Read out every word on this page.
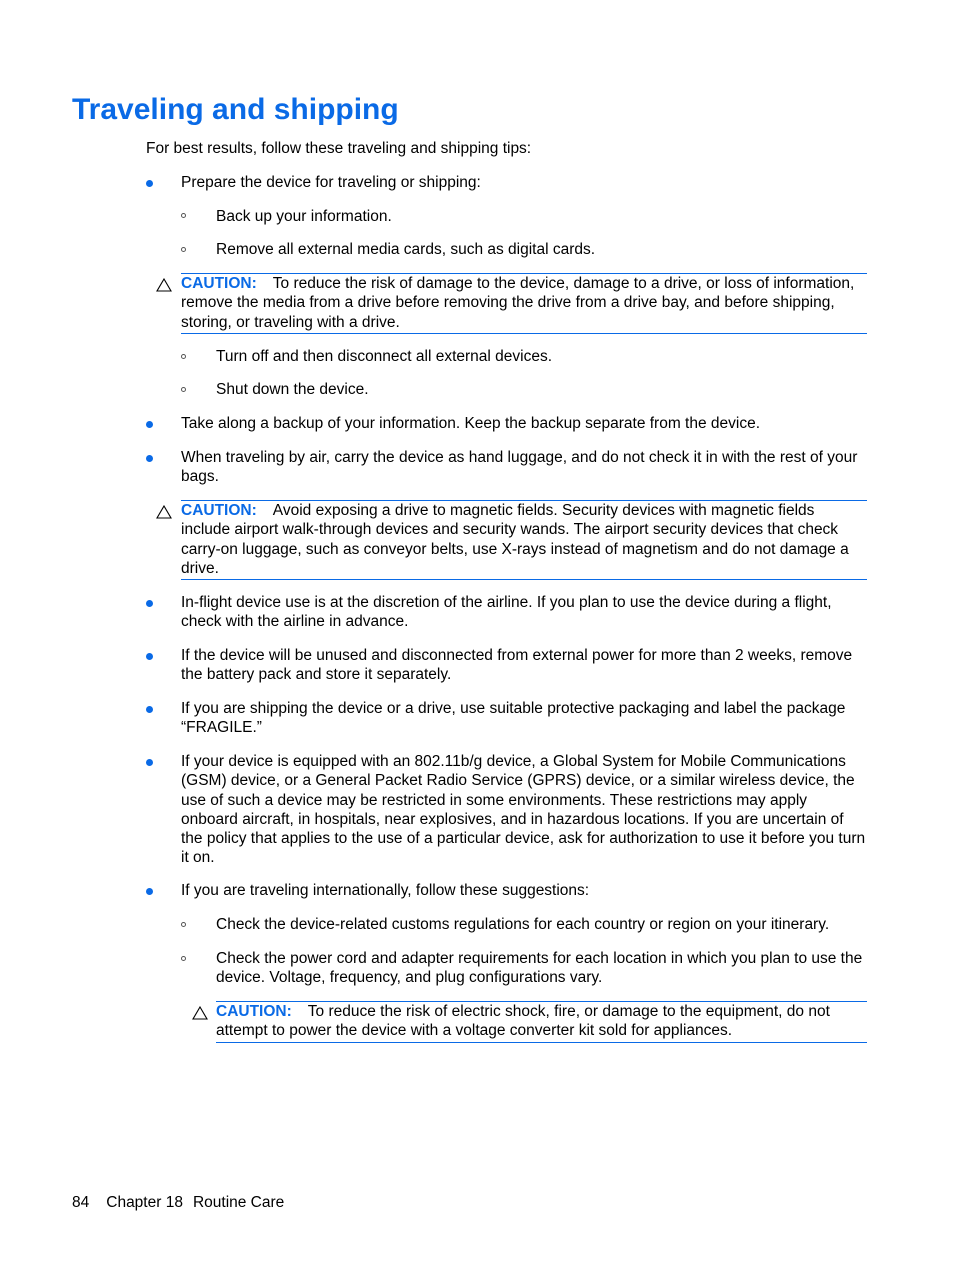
Traveling and shipping

For best results, follow these traveling and shipping tips:

Prepare the device for traveling or shipping:

Back up your information.

Remove all external media cards, such as digital cards.

CAUTION: To reduce the risk of damage to the device, damage to a drive, or loss of information, remove the media from a drive before removing the drive from a drive bay, and before shipping, storing, or traveling with a drive.

Turn off and then disconnect all external devices.

Shut down the device.

Take along a backup of your information. Keep the backup separate from the device.

When traveling by air, carry the device as hand luggage, and do not check it in with the rest of your bags.

CAUTION: Avoid exposing a drive to magnetic fields. Security devices with magnetic fields include airport walk-through devices and security wands. The airport security devices that check carry-on luggage, such as conveyor belts, use X-rays instead of magnetism and do not damage a drive.

In-flight device use is at the discretion of the airline. If you plan to use the device during a flight, check with the airline in advance.

If the device will be unused and disconnected from external power for more than 2 weeks, remove the battery pack and store it separately.

If you are shipping the device or a drive, use suitable protective packaging and label the package “FRAGILE.”

If your device is equipped with an 802.11b/g device, a Global System for Mobile Communications (GSM) device, or a General Packet Radio Service (GPRS) device, or a similar wireless device, the use of such a device may be restricted in some environments. These restrictions may apply onboard aircraft, in hospitals, near explosives, and in hazardous locations. If you are uncertain of the policy that applies to the use of a particular device, ask for authorization to use it before you turn it on.

If you are traveling internationally, follow these suggestions:

Check the device-related customs regulations for each country or region on your itinerary.

Check the power cord and adapter requirements for each location in which you plan to use the device. Voltage, frequency, and plug configurations vary.

CAUTION: To reduce the risk of electric shock, fire, or damage to the equipment, do not attempt to power the device with a voltage converter kit sold for appliances.

84 Chapter 18 Routine Care
